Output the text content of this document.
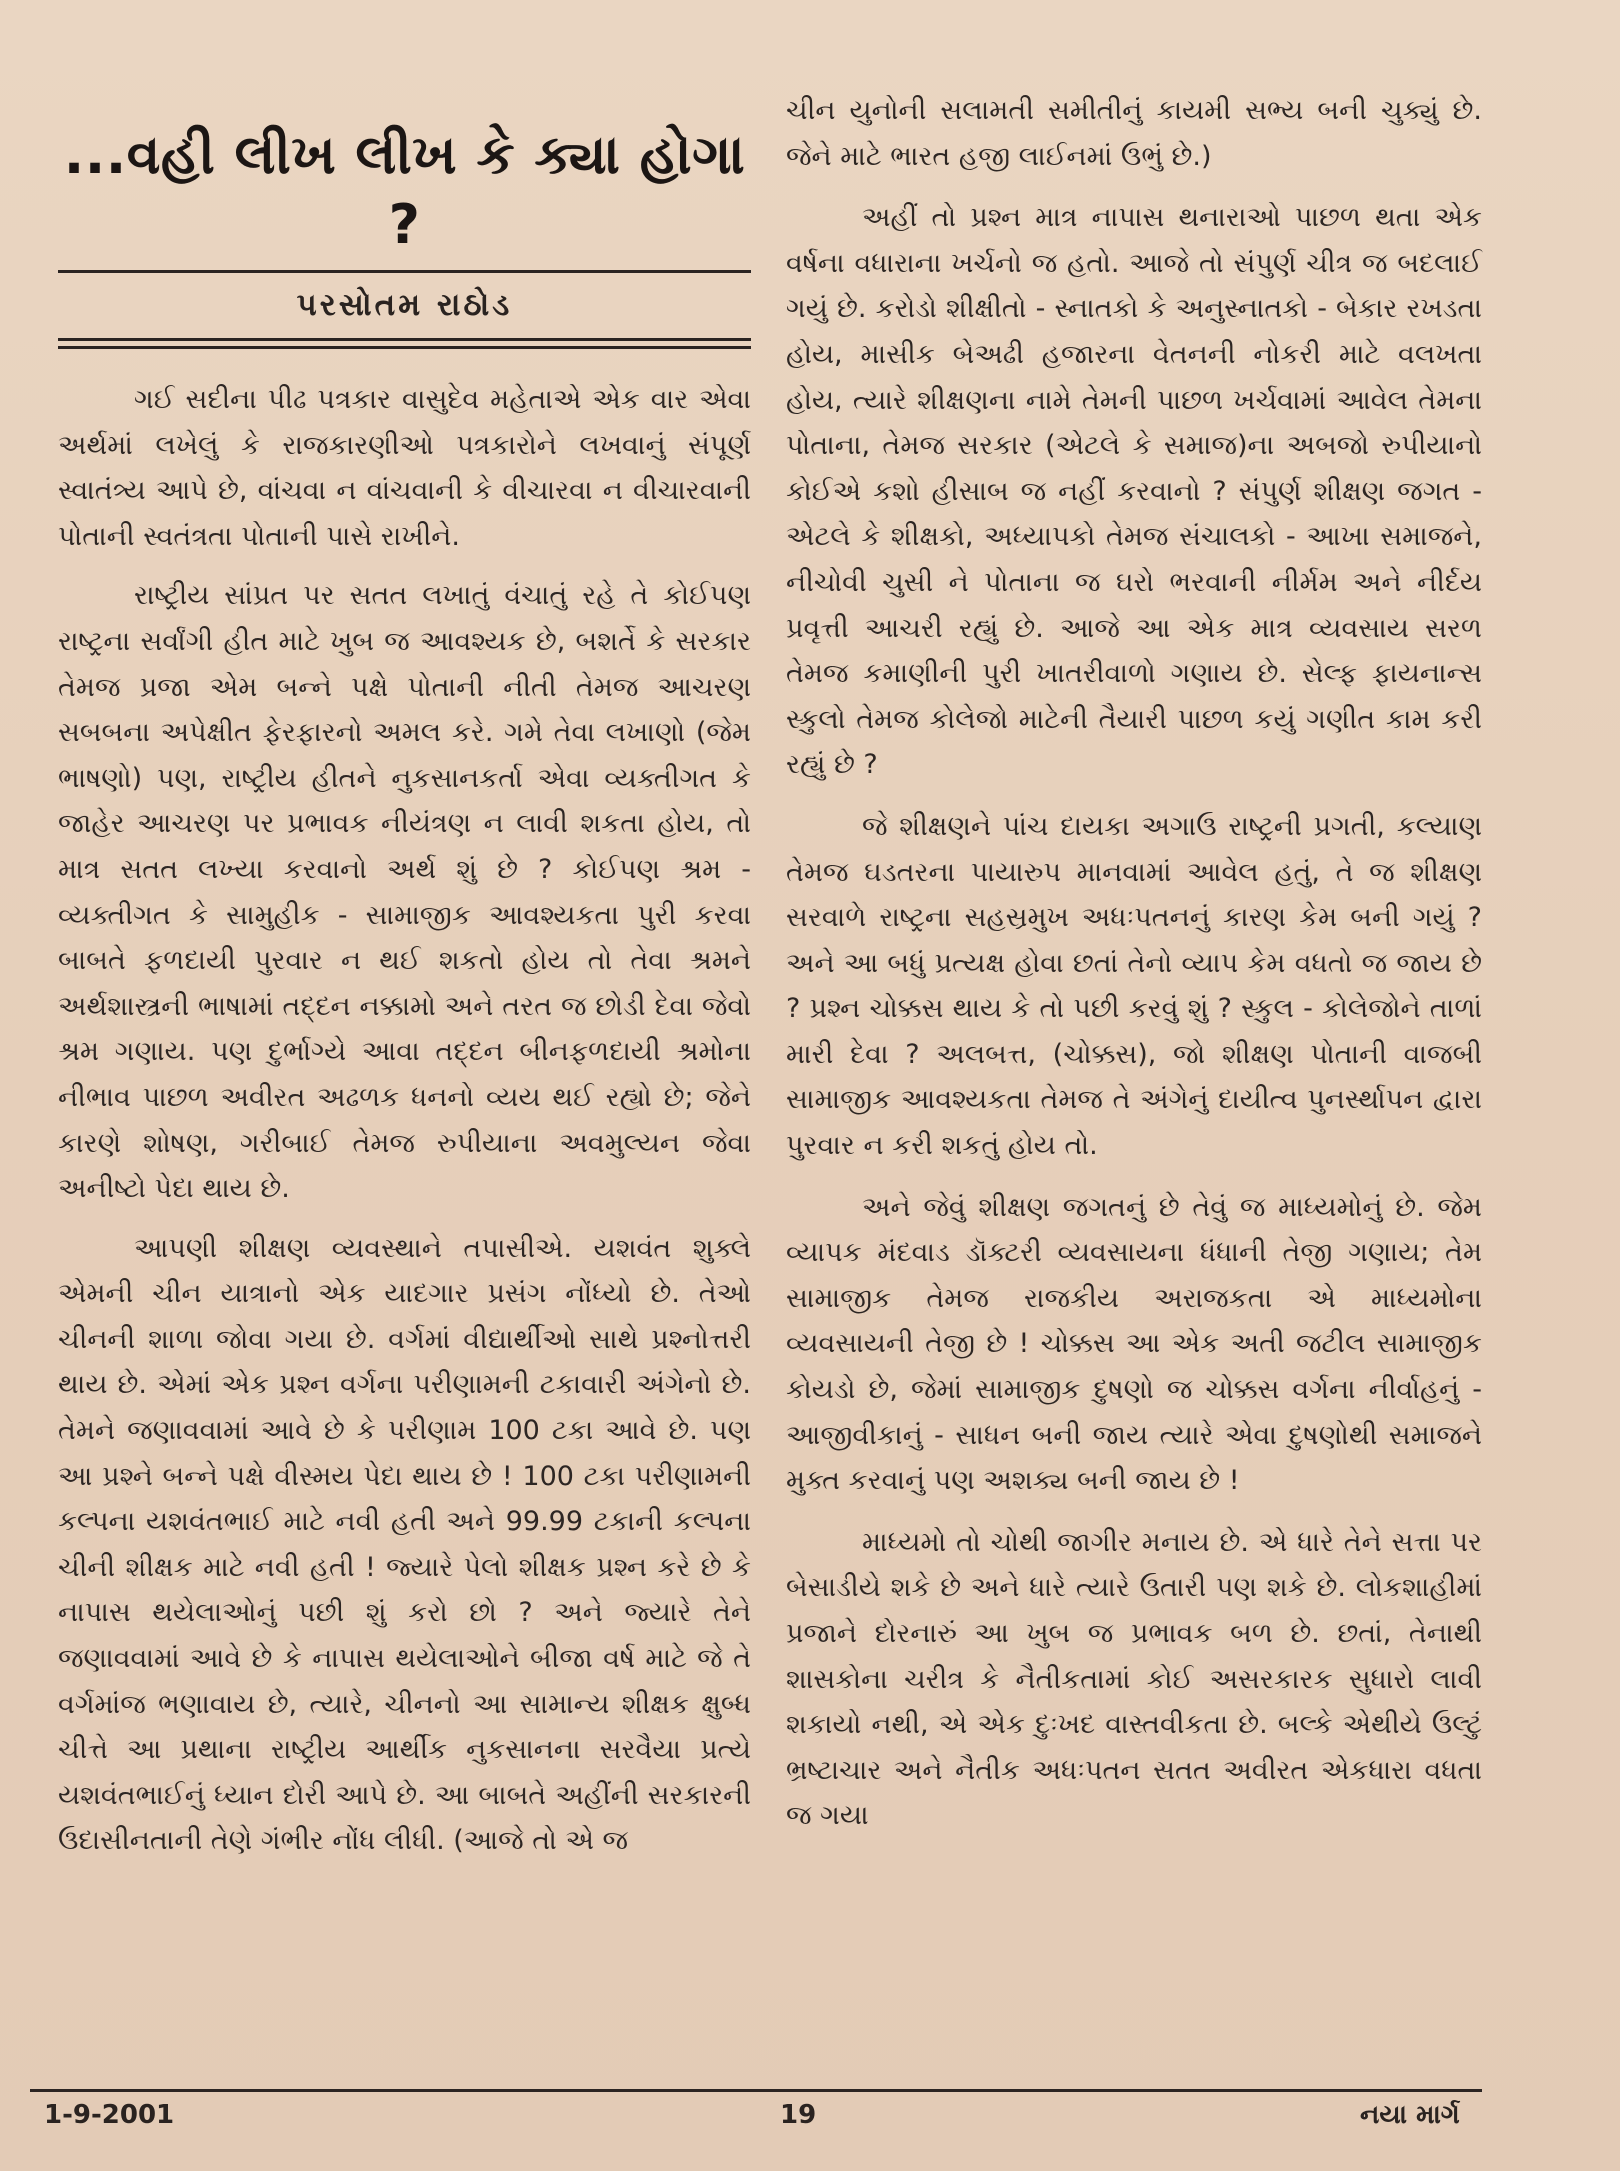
...વહી લીખ લીખ કે ક્યા હોગા ?
પરસોતમ રાઠોડ

ગઈ સદીના પીઢ પત્રકાર વાસુદેવ મહેતાએ એક વાર એવા અર્થમાં લખેલું કે રાજકારણીઓ પત્રકારોને લખવાનું સંપૂર્ણ સ્વાતંત્ર્ય આપે છે, વાંચવા ન વાંચવાની કે વીચારવા ન વીચારવાની પોતાની સ્વતંત્રતા પોતાની પાસે રાખીને.

રાષ્ટ્રીય સાંપ્રત પર સતત લખાતું વંચાતું રહે તે કોઈપણ રાષ્ટ્રના સર્વાંગી હીત માટે ખુબ જ આવશ્યક છે, બશર્તે કે સરકાર તેમજ પ્રજા એમ બન્ને પક્ષે પોતાની નીતી તેમજ આચરણ સબબના અપેક્ષીત ફેરફારનો અમલ કરે. ગમે તેવા લખાણો (જેમ ભાષણો) પણ, રાષ્ટ્રીય હીતને નુકસાનકર્તા એવા વ્યક્તીગત કે જાહેર આચરણ પર પ્રભાવક નીયંત્રણ ન લાવી શકતા હોય, તો માત્ર સતત લખ્યા કરવાનો અર્થ શું છે ? કોઈપણ શ્રમ - વ્યક્તીગત કે સામુહીક - સામાજીક આવશ્યકતા પુરી કરવા બાબતે ફળદાયી પુરવાર ન થઈ શકતો હોય તો તેવા શ્રમને અર્થશાસ્ત્રની ભાષામાં તદ્દન નક્કામો અને તરત જ છોડી દેવા જેવો શ્રમ ગણાય. પણ દુર્ભાગ્યે આવા તદ્દન બીનફળદાયી શ્રમોના નીભાવ પાછળ અવીરત અઢળક ધનનો વ્યય થઈ રહ્યો છે; જેને કારણે શોષણ, ગરીબાઈ તેમજ રુપીયાના અવમુલ્યન જેવા અનીષ્ટો પેદા થાય છે.

આપણી શીક્ષણ વ્યવસ્થાને તપાસીએ. યશવંત શુક્લે એમની ચીન યાત્રાનો એક યાદગાર પ્રસંગ નોંધ્યો છે. તેઓ ચીનની શાળા જોવા ગયા છે. વર્ગમાં વીદ્યાર્થીઓ સાથે પ્રશ્નોત્તરી થાય છે. એમાં એક પ્રશ્ન વર્ગના પરીણામની ટકાવારી અંગેનો છે. તેમને જણાવવામાં આવે છે કે પરીણામ 100 ટકા આવે છે. પણ આ પ્રશ્ને બન્ને પક્ષે વીસ્મય પેદા થાય છે ! 100 ટકા પરીણામની કલ્પના યશવંતભાઈ માટે નવી હતી અને 99.99 ટકાની કલ્પના ચીની શીક્ષક માટે નવી હતી ! જ્યારે પેલો શીક્ષક પ્રશ્ન કરે છે કે નાપાસ થયેલાઓનું પછી શું કરો છો ? અને જ્યારે તેને જણાવવામાં આવે છે કે નાપાસ થયેલાઓને બીજા વર્ષ માટે જે તે વર્ગમાંજ ભણાવાય છે, ત્યારે, ચીનનો આ સામાન્ય શીક્ષક ક્ષુબ્ધ ચીત્તે આ પ્રથાના રાષ્ટ્રીય આર્થીક નુકસાનના સરવૈયા પ્રત્યે યશવંતભાઈનું ધ્યાન દોરી આપે છે. આ બાબતે અહીંની સરકારની ઉદાસીનતાની તેણે ગંભીર નોંધ લીધી. (આજે તો એ જ

ચીન યુનોની સલામતી સમીતીનું કાયમી સભ્ય બની ચુક્યું છે. જેને માટે ભારત હજી લાઈનમાં ઉભું છે.)

અહીં તો પ્રશ્ન માત્ર નાપાસ થનારાઓ પાછળ થતા એક વર્ષના વધારાના ખર્ચનો જ હતો. આજે તો સંપુર્ણ ચીત્ર જ બદલાઈ ગયું છે. કરોડો શીક્ષીતો - સ્નાતકો કે અનુસ્નાતકો - બેકાર રખડતા હોય, માસીક બેઅઢી હજારના વેતનની નોકરી માટે વલખતા હોય, ત્યારે શીક્ષણના નામે તેમની પાછળ ખર્ચવામાં આવેલ તેમના પોતાના, તેમજ સરકાર (એટલે કે સમાજ)ના અબજો રુપીયાનો કોઈએ કશો હીસાબ જ નહીં કરવાનો ? સંપુર્ણ શીક્ષણ જગત - એટલે કે શીક્ષકો, અધ્યાપકો તેમજ સંચાલકો - આખા સમાજને, નીચોવી ચુસી ને પોતાના જ ઘરો ભરવાની નીર્મમ અને નીર્દય પ્રવૃત્તી આચરી રહ્યું છે. આજે આ એક માત્ર વ્યવસાય સરળ તેમજ કમાણીની પુરી ખાતરીવાળો ગણાય છે. સેલ્ફ ફાયનાન્સ સ્કુલો તેમજ કોલેજો માટેની તૈયારી પાછળ કયું ગણીત કામ કરી રહ્યું છે ?

જે શીક્ષણને પાંચ દાયકા અગાઉ રાષ્ટ્રની પ્રગતી, કલ્યાણ તેમજ ઘડતરના પાયારુપ માનવામાં આવેલ હતું, તે જ શીક્ષણ સરવાળે રાષ્ટ્રના સહસ્રમુખ અધઃપતનનું કારણ કેમ બની ગયું ? અને આ બધું પ્રત્યક્ષ હોવા છતાં તેનો વ્યાપ કેમ વધતો જ જાય છે ? પ્રશ્ન ચોક્કસ થાય કે તો પછી કરવું શું ? સ્કુલ - કોલેજોને તાળાં મારી દેવા ? અલબત્ત, (ચોક્કસ), જો શીક્ષણ પોતાની વાજબી સામાજીક આવશ્યકતા તેમજ તે અંગેનું દાયીત્વ પુનર્સ્થાપન દ્વારા પુરવાર ન કરી શકતું હોય તો.

અને જેવું શીક્ષણ જગતનું છે તેવું જ માધ્યમોનું છે. જેમ વ્યાપક મંદવાડ ડૉક્ટરી વ્યવસાયના ધંધાની તેજી ગણાય; તેમ સામાજીક તેમજ રાજકીય અરાજકતા એ માધ્યમોના વ્યવસાયની તેજી છે ! ચોક્કસ આ એક અતી જટીલ સામાજીક કોયડો છે, જેમાં સામાજીક દુષણો જ ચોક્કસ વર્ગના નીર્વાહનું - આજીવીકાનું - સાધન બની જાય ત્યારે એવા દુષણોથી સમાજને મુક્ત કરવાનું પણ અશક્ય બની જાય છે !

માધ્યમો તો ચોથી જાગીર મનાય છે. એ ધારે તેને સત્તા પર બેસાડીયે શકે છે અને ધારે ત્યારે ઉતારી પણ શકે છે. લોકશાહીમાં પ્રજાને દોરનારું આ ખુબ જ પ્રભાવક બળ છે. છતાં, તેનાથી શાસકોના ચરીત્ર કે નૈતીકતામાં કોઈ અસરકારક સુધારો લાવી શકાયો નથી, એ એક દુઃખદ વાસ્તવીકતા છે. બલ્કે એથીયે ઉલ્ટું ભ્રષ્ટાચાર અને નૈતીક અધઃપતન સતત અવીરત એકધારા વધતા જ ગયા

1-9-2001	19	નયા માર્ગ
